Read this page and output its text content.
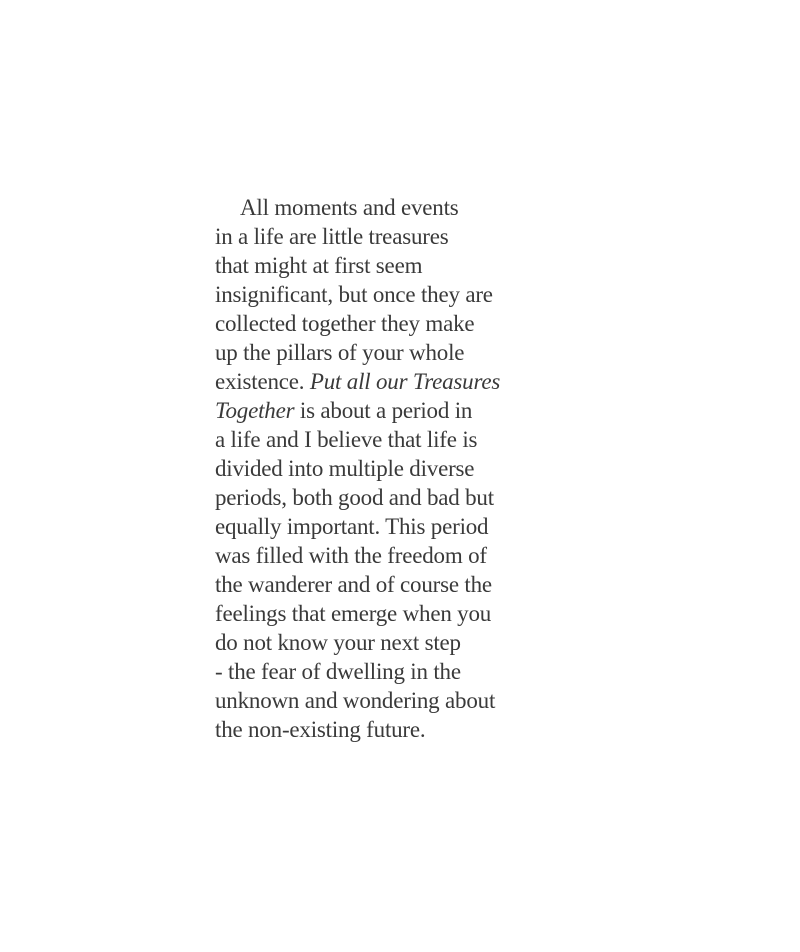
All moments and events
in a life are little treasures
that might at first seem
insignificant, but once they are
collected together they make
up the pillars of your whole
existence. Put all our Treasures
Together is about a period in
a life and I believe that life is
divided into multiple diverse
periods, both good and bad but
equally important. This period
was filled with the freedom of
the wanderer and of course the
feelings that emerge when you
do not know your next step
- the fear of dwelling in the
unknown and wondering about
the non-existing future.
